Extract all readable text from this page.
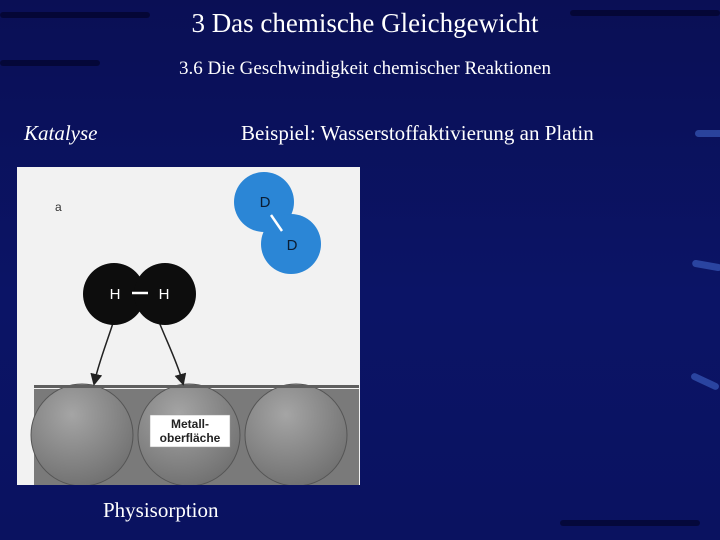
3 Das chemische Gleichgewicht
3.6 Die Geschwindigkeit chemischer Reaktionen
Katalyse	Beispiel: Wasserstoffaktivierung an Platin
a
Metall-
oberfläche
H	H
D
D
Physisorption
